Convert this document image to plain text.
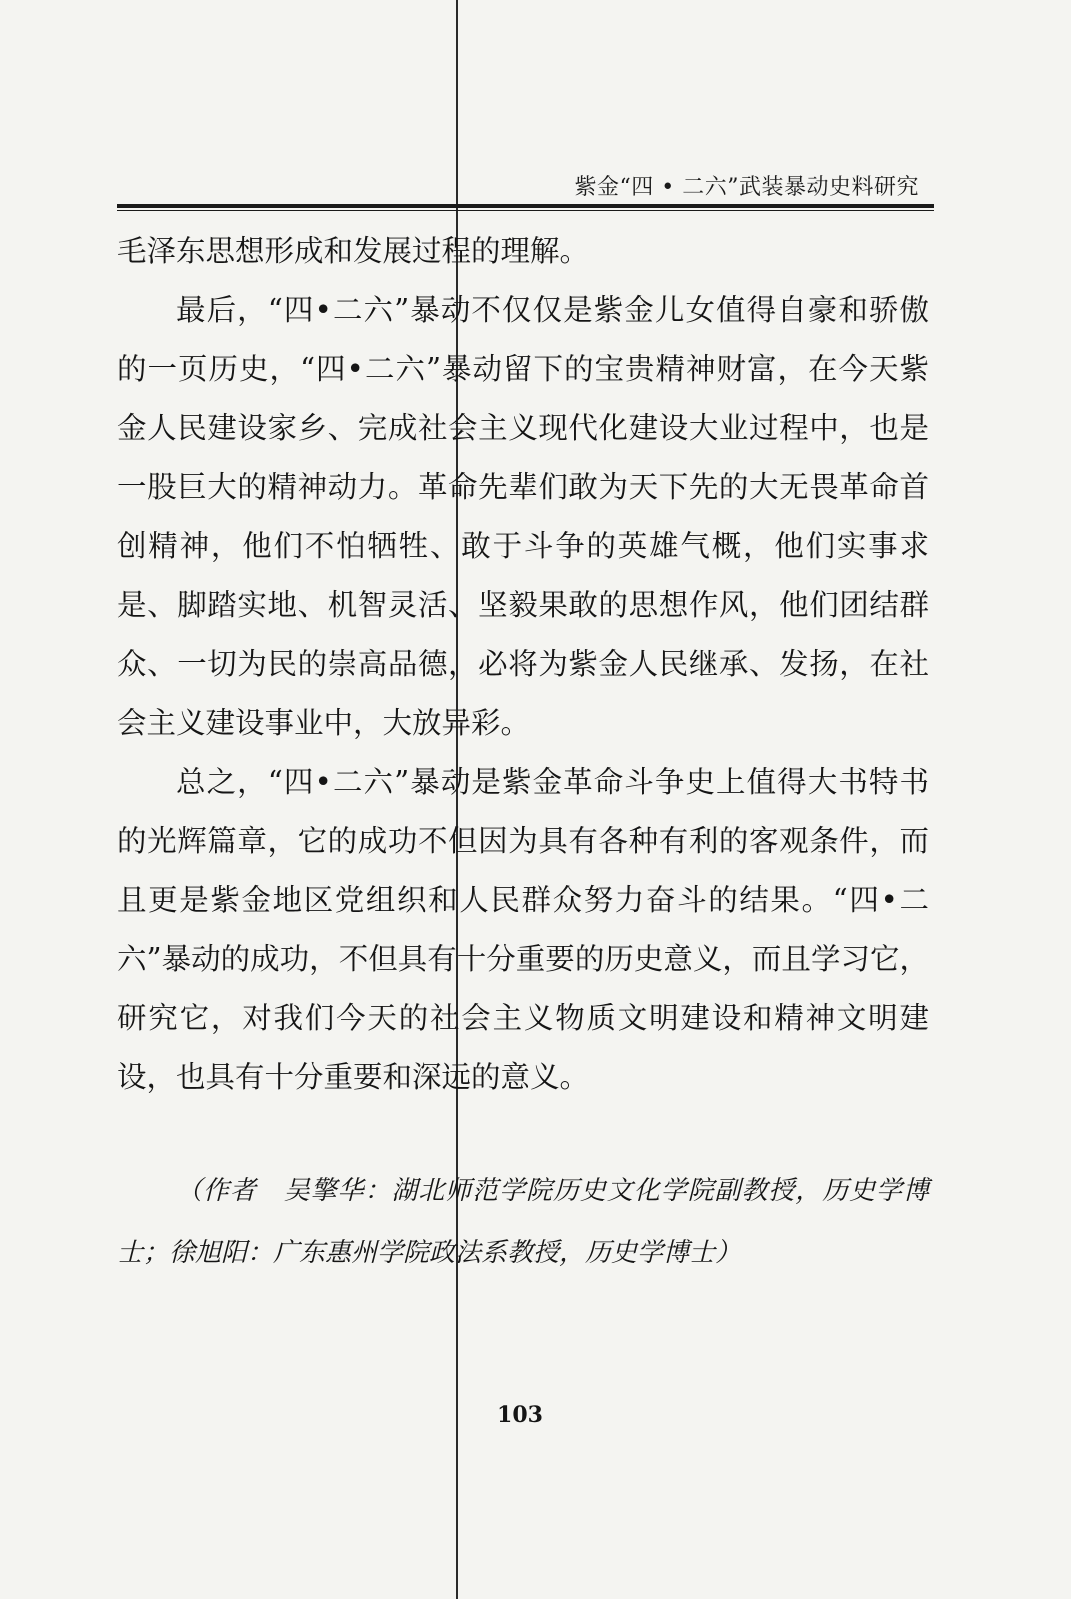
紫金“四 • 二六”武装暴动史料研究

毛泽东思想形成和发展过程的理解。

最后，“四•二六”暴动不仅仅是紫金儿女值得自豪和骄傲的一页历史，“四•二六”暴动留下的宝贵精神财富，在今天紫金人民建设家乡、完成社会主义现代化建设大业过程中，也是一股巨大的精神动力。革命先辈们敢为天下先的大无畏革命首创精神，他们不怕牺牲、敢于斗争的英雄气概，他们实事求是、脚踏实地、机智灵活、坚毅果敢的思想作风，他们团结群众、一切为民的崇高品德，必将为紫金人民继承、发扬，在社会主义建设事业中，大放异彩。

总之，“四•二六”暴动是紫金革命斗争史上值得大书特书的光辉篇章，它的成功不但因为具有各种有利的客观条件，而且更是紫金地区党组织和人民群众努力奋斗的结果。“四•二六”暴动的成功，不但具有十分重要的历史意义，而且学习它，研究它，对我们今天的社会主义物质文明建设和精神文明建设，也具有十分重要和深远的意义。

（作者　吴擎华：湖北师范学院历史文化学院副教授，历史学博士；徐旭阳：广东惠州学院政法系教授，历史学博士）
103
